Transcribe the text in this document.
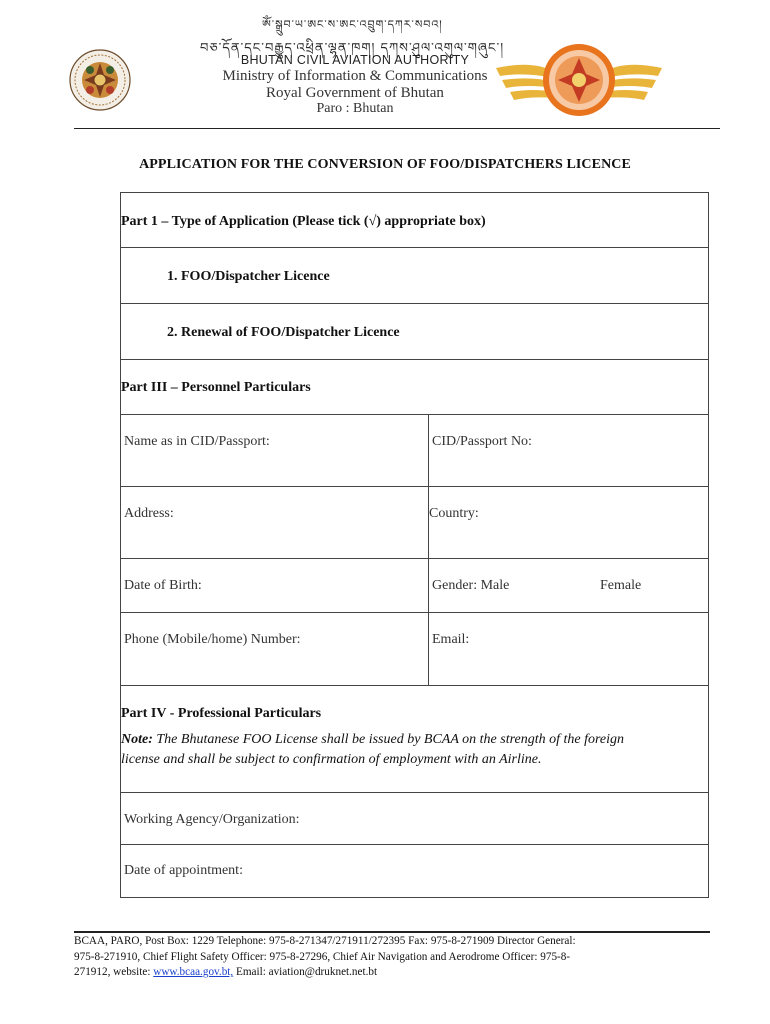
ༀ་སྒྲུབ་ཡ་ཨང་ས་ཨང་འབྲུག་དཀར་སབའ།
བཅ་དོན་དང་བརྒྱུད་འཕྲིན་ལྷན་ཁག། དཀས་ཤུལ་འགུལ་གཞུང་།
BHUTAN CIVIL AVIATION AUTHORITY
Ministry of Information & Communications
Royal Government of Bhutan
Paro : Bhutan
APPLICATION FOR THE CONVERSION OF FOO/DISPATCHERS LICENCE
Part 1 – Type of Application (Please tick (√) appropriate box)
1. FOO/Dispatcher Licence
2. Renewal of FOO/Dispatcher Licence
Part III – Personnel Particulars
Name as in CID/Passport:	CID/Passport No:
Address:	Country:
Date of Birth:	Gender: Male	Female
Phone (Mobile/home) Number:	Email:
Part IV - Professional Particulars
Note: The Bhutanese FOO License shall be issued by BCAA on the strength of the foreign
license and shall be subject to confirmation of employment with an Airline.
Working Agency/Organization:
Date of appointment:
BCAA, PARO, Post Box: 1229 Telephone: 975-8-271347/271911/272395 Fax: 975-8-271909 Director General:
975-8-271910, Chief Flight Safety Officer: 975-8-27296, Chief Air Navigation and Aerodrome Officer: 975-8-
271912, website: www.bcaa.gov.bt, Email: aviation@druknet.net.bt
